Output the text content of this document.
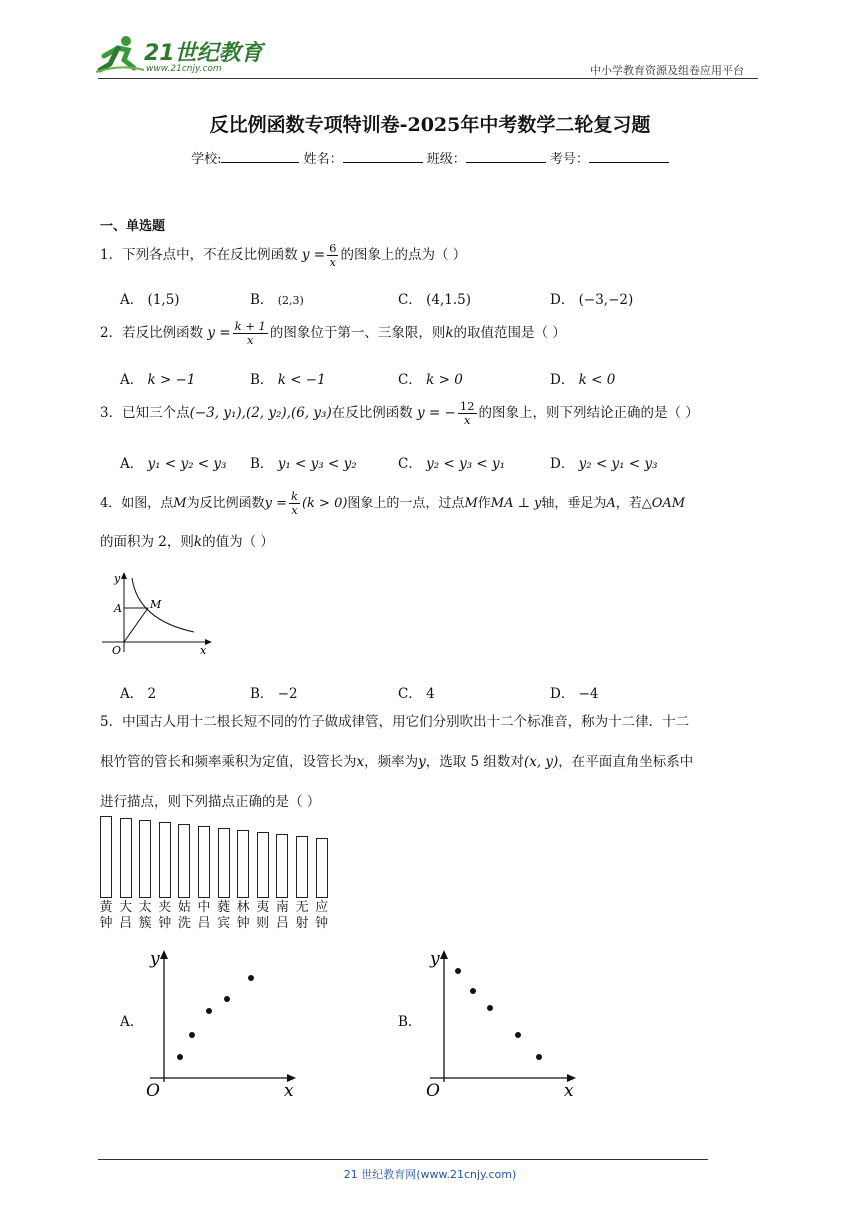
21世纪教育
www.21cnjy.com	中小学教育资源及组卷应用平台
反比例函数专项特训卷-2025年中考数学二轮复习题
学校:	姓名：	班级：	考号：
一、单选题
1．下列各点中，不在反比例函数 $y = \frac{6}{x}$ 的图象上的点为（ ）
A． (1,5)	B． (2,3)	C． (4,1.5)	D． (−3,−2)
2．若反比例函数 $y = \frac{k + 1}{x}$ 的图象位于第一、三象限，则k的取值范围是（ ）
A． k > −1	B． k < −1	C． k > 0	D． k < 0
3．已知三个点(−3, y₁),(2, y₂),(6, y₃)在反比例函数 y = − $\frac{12}{x}$ 的图象上，则下列结论正确的是（ ）
A． y₁ < y₂ < y₃ B． y₁ < y₃ < y₂	C． y₂ < y₃ < y₁	D． y₂ < y₁ < y₃
4．如图，点M为反比例函数$y = \frac{k}{x} (k > 0)$图象上的一点，过点M作MA ⊥ y轴，垂足为A，若△OAM
的面积为 2，则k的值为（ ）
y
A	M
O	x
A． 2	B． −2	C． 4	D． −4
5．中国古人用十二根长短不同的竹子做成律管，用它们分别吹出十二个标准音，称为十二律．十二
根竹管的管长和频率乘积为定值，设管长为x，频率为y，选取 5 组数对(x, y)，在平面直角坐标系中
进行描点，则下列描点正确的是（ ）
黄
钟
大
吕
太
簇
夹
钟
姑
洗
中
吕
蕤
宾
林
钟
夷
则
南
吕
无
射
应
钟
A.
y
O	x
B.
y
O	x
21 世纪教育网(www.21cnjy.com)
